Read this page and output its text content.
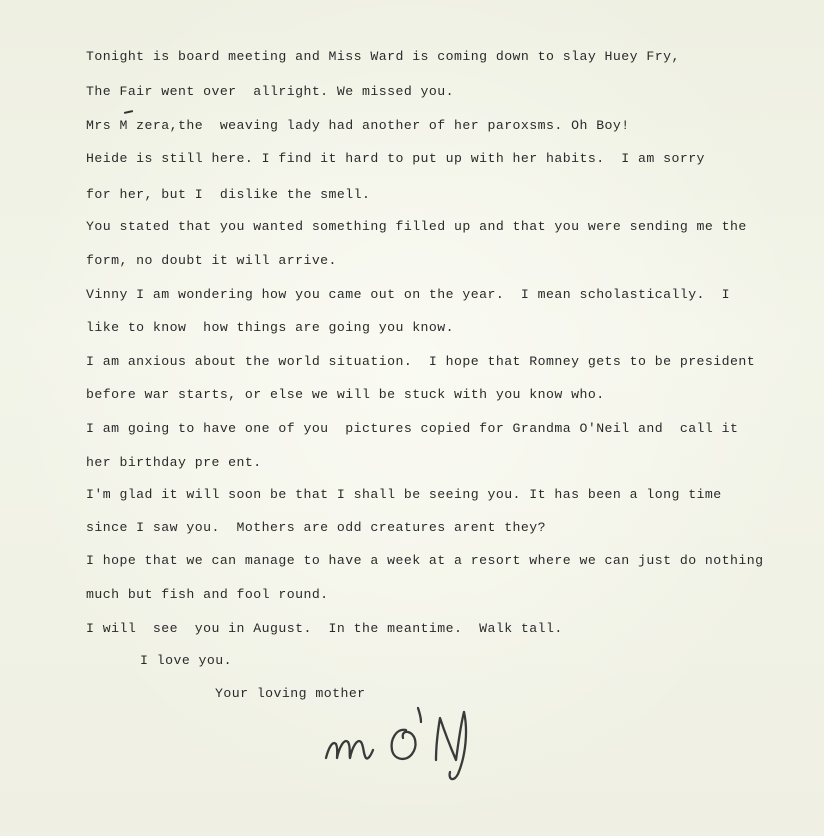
Tonight is board meeting and Miss Ward is coming down to slay Huey Fry,
The Fair went over  allright. We missed you.
Mrs M zera,the  weaving lady had another of her paroxsms. Oh Boy!
Heide is still here. I find it hard to put up with her habits.  I am sorry
for her, but I  dislike the smell.
You stated that you wanted something filled up and that you were sending me the
form, no doubt it will arrive.
Vinny I am wondering how you came out on the year.  I mean scholastically.  I
like to know  how things are going you know.
I am anxious about the world situation.  I hope that Romney gets to be president
before war starts, or else we will be stuck with you know who.
I am going to have one of you  pictures copied for Grandma O'Neil and  call it
her birthday pre ent.
I'm glad it will soon be that I shall be seeing you. It has been a long time
since I saw you.  Mothers are odd creatures arent they?
I hope that we can manage to have a week at a resort where we can just do nothing
much but fish and fool round.
I will  see  you in August.  In the meantime.  Walk tall.
I love you.
Your loving mother
